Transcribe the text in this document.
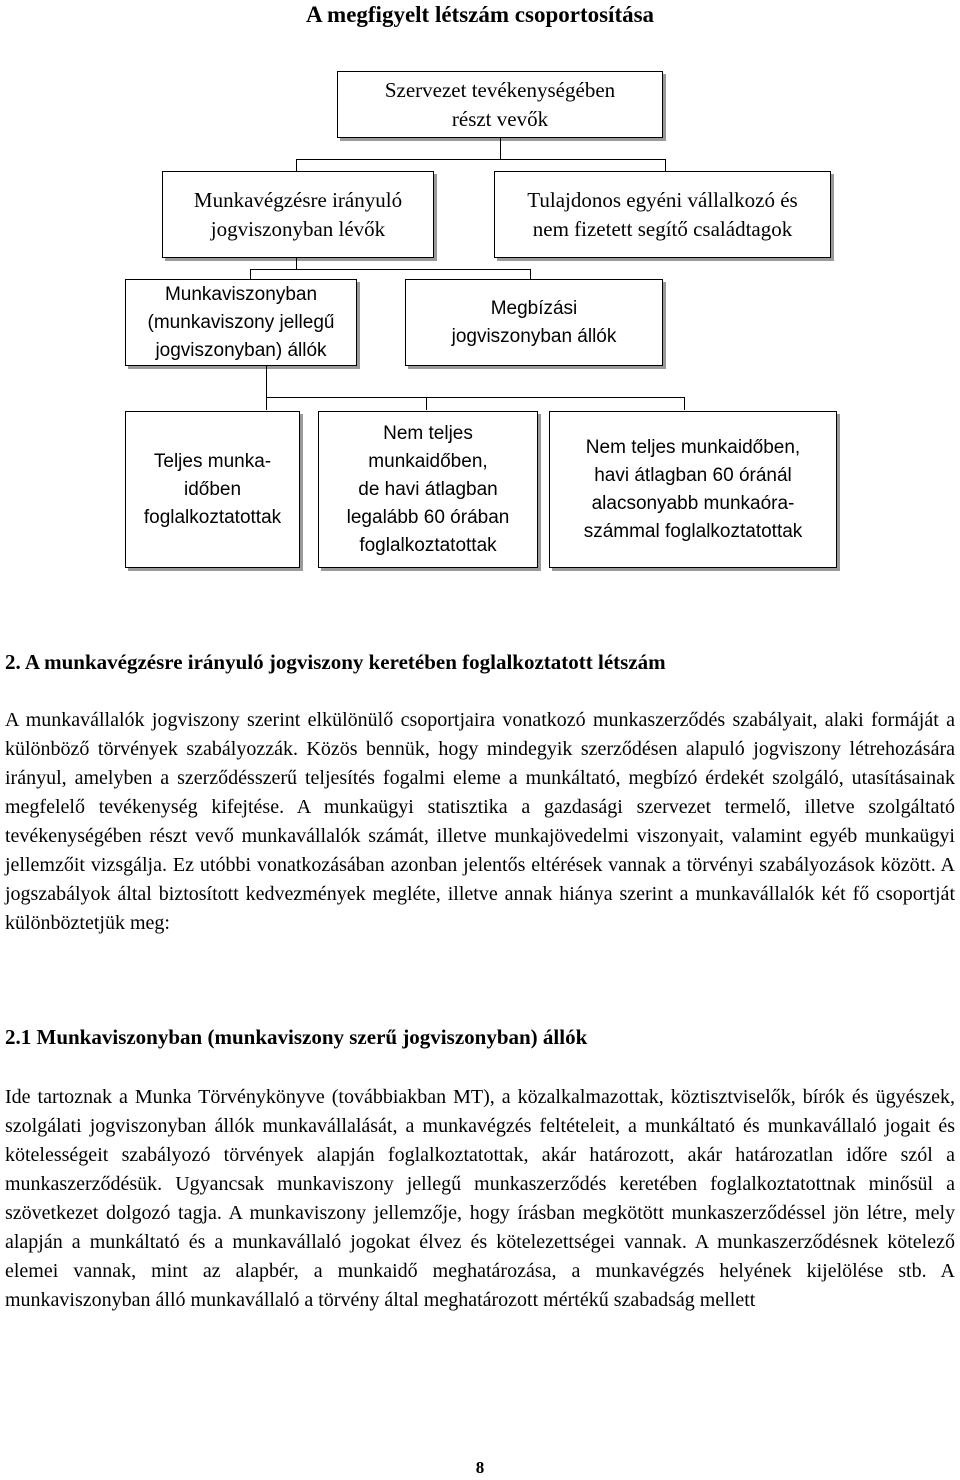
A megfigyelt létszám csoportosítása
Szervezet tevékenységében
részt vevők
Munkavégzésre irányuló
jogviszonyban lévők
Tulajdonos egyéni vállalkozó és
nem fizetett segítő családtagok
Munkaviszonyban
(munkaviszony jellegű
jogviszonyban) állók
Megbízási
jogviszonyban állók
Teljes munka-
időben
foglalkoztatottak
Nem teljes
munkaidőben,
de havi átlagban
legalább 60 órában
foglalkoztatottak
Nem teljes munkaidőben,
havi átlagban 60 óránál
alacsonyabb munkaóra-
számmal foglalkoztatottak
2. A munkavégzésre irányuló jogviszony keretében foglalkoztatott létszám

A munkavállalók jogviszony szerint elkülönülő csoportjaira vonatkozó munkaszerződés szabályait, alaki formáját a különböző törvények szabályozzák. Közös bennük, hogy mindegyik szerződésen alapuló jogviszony létrehozására irányul, amelyben a szerződésszerű teljesítés fogalmi eleme a munkáltató, megbízó érdekét szolgáló, utasításainak megfelelő tevékenység kifejtése. A munkaügyi statisztika a gazdasági szervezet termelő, illetve szolgáltató tevékenységében részt vevő munkavállalók számát, illetve munkajövedelmi viszonyait, valamint egyéb munkaügyi jellemzőit vizsgálja. Ez utóbbi vonatkozásában azonban jelentős eltérések vannak a törvényi szabályozások között. A jogszabályok által biztosított kedvezmények megléte, illetve annak hiánya szerint a munkavállalók két fő csoportját különböztetjük meg:

2.1 Munkaviszonyban (munkaviszony szerű jogviszonyban) állók

Ide tartoznak a Munka Törvénykönyve (továbbiakban MT), a közalkalmazottak, köztisztviselők, bírók és ügyészek, szolgálati jogviszonyban állók munkavállalását, a munkavégzés feltételeit, a munkáltató és munkavállaló jogait és kötelességeit szabályozó törvények alapján foglalkoztatottak, akár határozott, akár határozatlan időre szól a munkaszerződésük. Ugyancsak munkaviszony jellegű munkaszerződés keretében foglalkoztatottnak minősül a szövetkezet dolgozó tagja. A munkaviszony jellemzője, hogy írásban megkötött munkaszerződéssel jön létre, mely alapján a munkáltató és a munkavállaló jogokat élvez és kötelezettségei vannak. A munkaszerződésnek kötelező elemei vannak, mint az alapbér, a munkaidő meghatározása, a munkavégzés helyének kijelölése stb. A munkaviszonyban álló munkavállaló a törvény által meghatározott mértékű szabadság mellett

8
